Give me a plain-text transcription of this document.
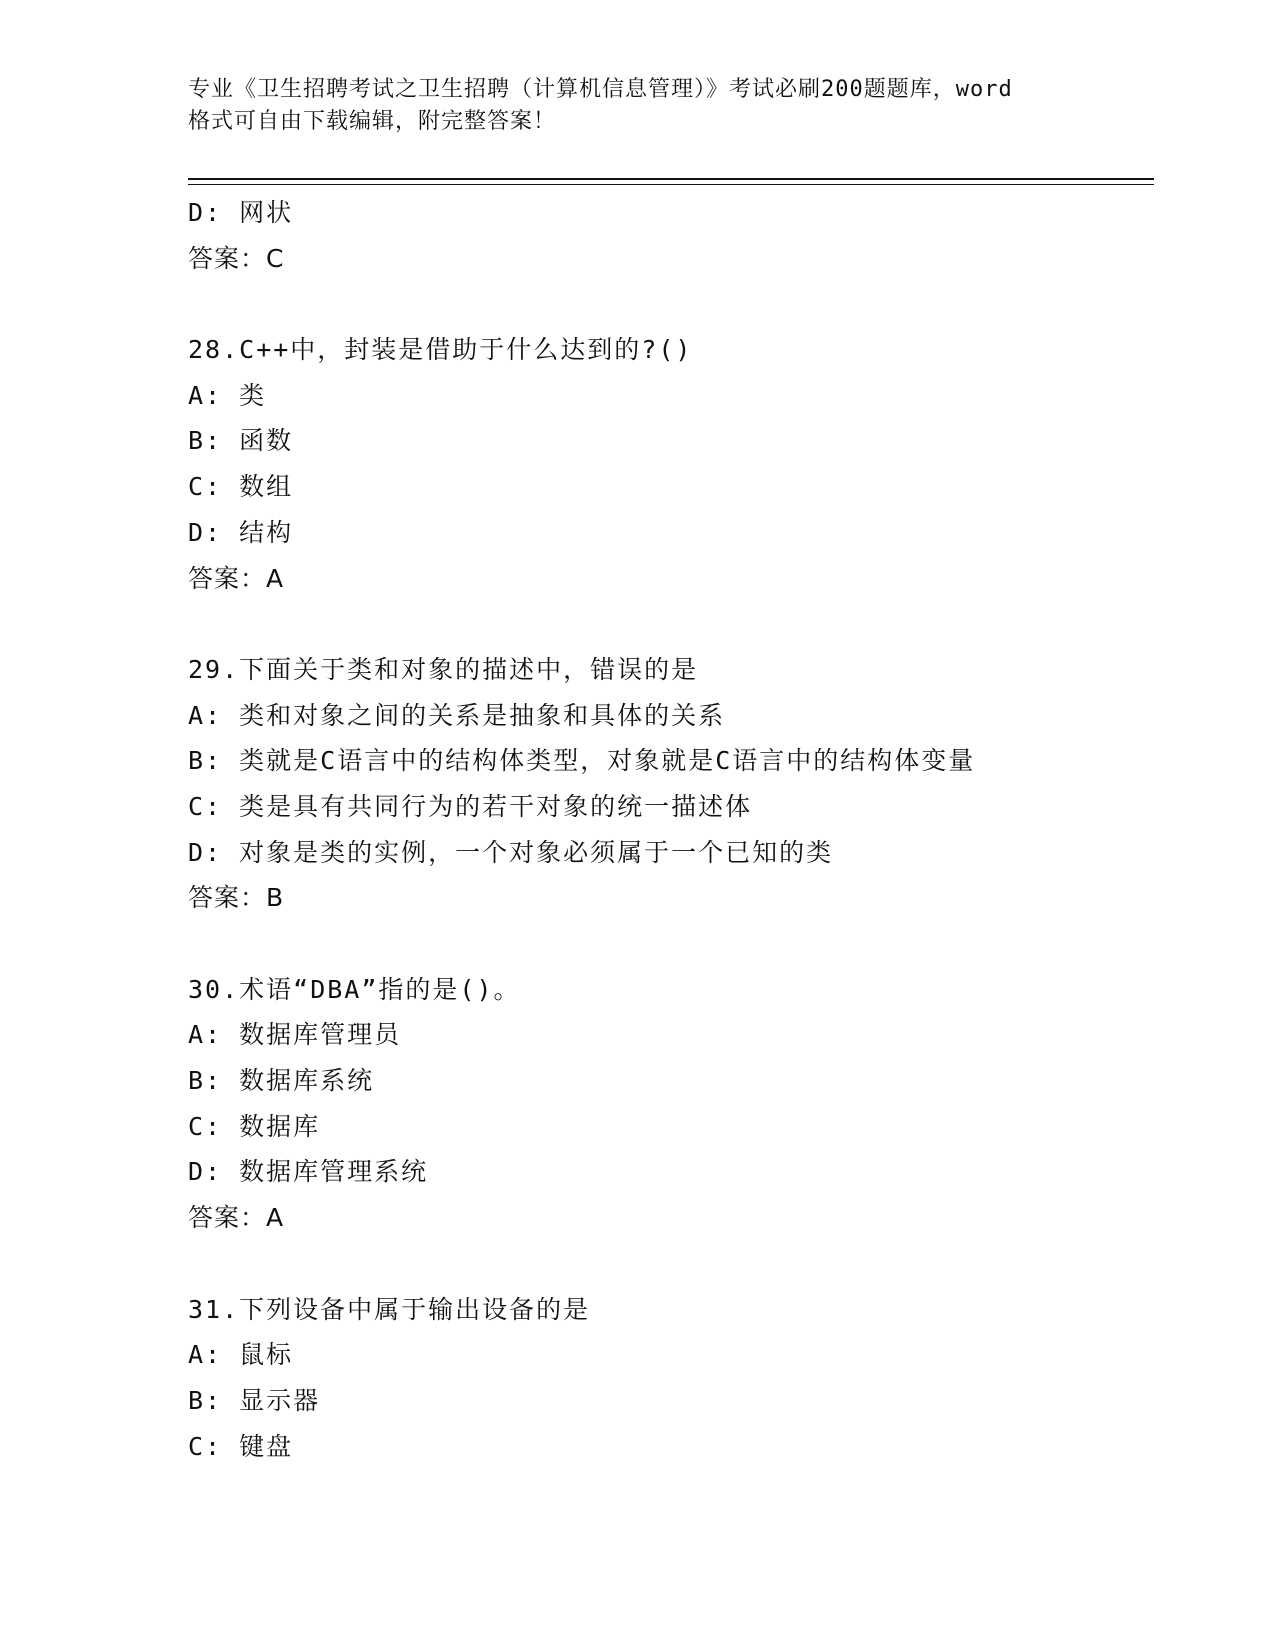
专业《卫生招聘考试之卫生招聘（计算机信息管理）》考试必刷200题题库，word
格式可自由下载编辑，附完整答案！
D: 网状
答案：C
28.C++中，封装是借助于什么达到的?()
A: 类
B: 函数
C: 数组
D: 结构
答案：A
29.下面关于类和对象的描述中，错误的是
A: 类和对象之间的关系是抽象和具体的关系
B: 类就是C语言中的结构体类型，对象就是C语言中的结构体变量
C: 类是具有共同行为的若干对象的统一描述体
D: 对象是类的实例，一个对象必须属于一个已知的类
答案：B
30.术语“DBA”指的是()。
A: 数据库管理员
B: 数据库系统
C: 数据库
D: 数据库管理系统
答案：A
31.下列设备中属于输出设备的是
A: 鼠标
B: 显示器
C: 键盘
